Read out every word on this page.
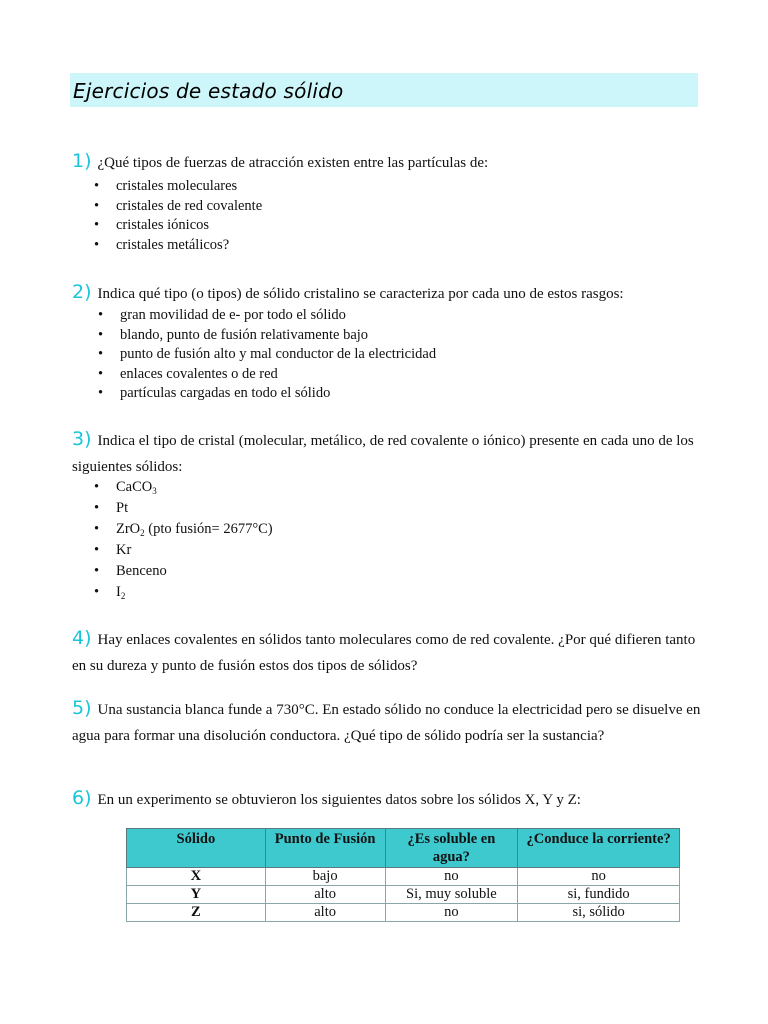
Ejercicios de estado sólido
1) ¿Qué tipos de fuerzas de atracción existen entre las partículas de:
• cristales moleculares
• cristales de red covalente
• cristales iónicos
• cristales metálicos?
2) Indica qué tipo (o tipos) de sólido cristalino se caracteriza por cada uno de estos rasgos:
• gran movilidad de e- por todo el sólido
• blando, punto de fusión relativamente bajo
• punto de fusión alto y mal conductor de la electricidad
• enlaces covalentes o de red
• partículas cargadas en todo el sólido
3) Indica el tipo de cristal (molecular, metálico, de red covalente o iónico) presente en cada uno de los siguientes sólidos:
• CaCO$_3$
• Pt
• ZrO$_2$ (pto fusión= 2677°C)
• Kr
• Benceno
• $I_2$
4) Hay enlaces covalentes en sólidos tanto moleculares como de red covalente. ¿Por qué difieren tanto en su dureza y punto de fusión estos dos tipos de sólidos?
5) Una sustancia blanca funde a 730°C. En estado sólido no conduce la electricidad pero se disuelve en agua para formar una disolución conductora. ¿Qué tipo de sólido podría ser la sustancia?
6) En un experimento se obtuvieron los siguientes datos sobre los sólidos X, Y y Z:
Sólido	Punto de Fusión	¿Es soluble en agua?	¿Conduce la corriente?
X	bajo	no	no
Y	alto	Si, muy soluble	si, fundido
Z	alto	no	si, sólido
